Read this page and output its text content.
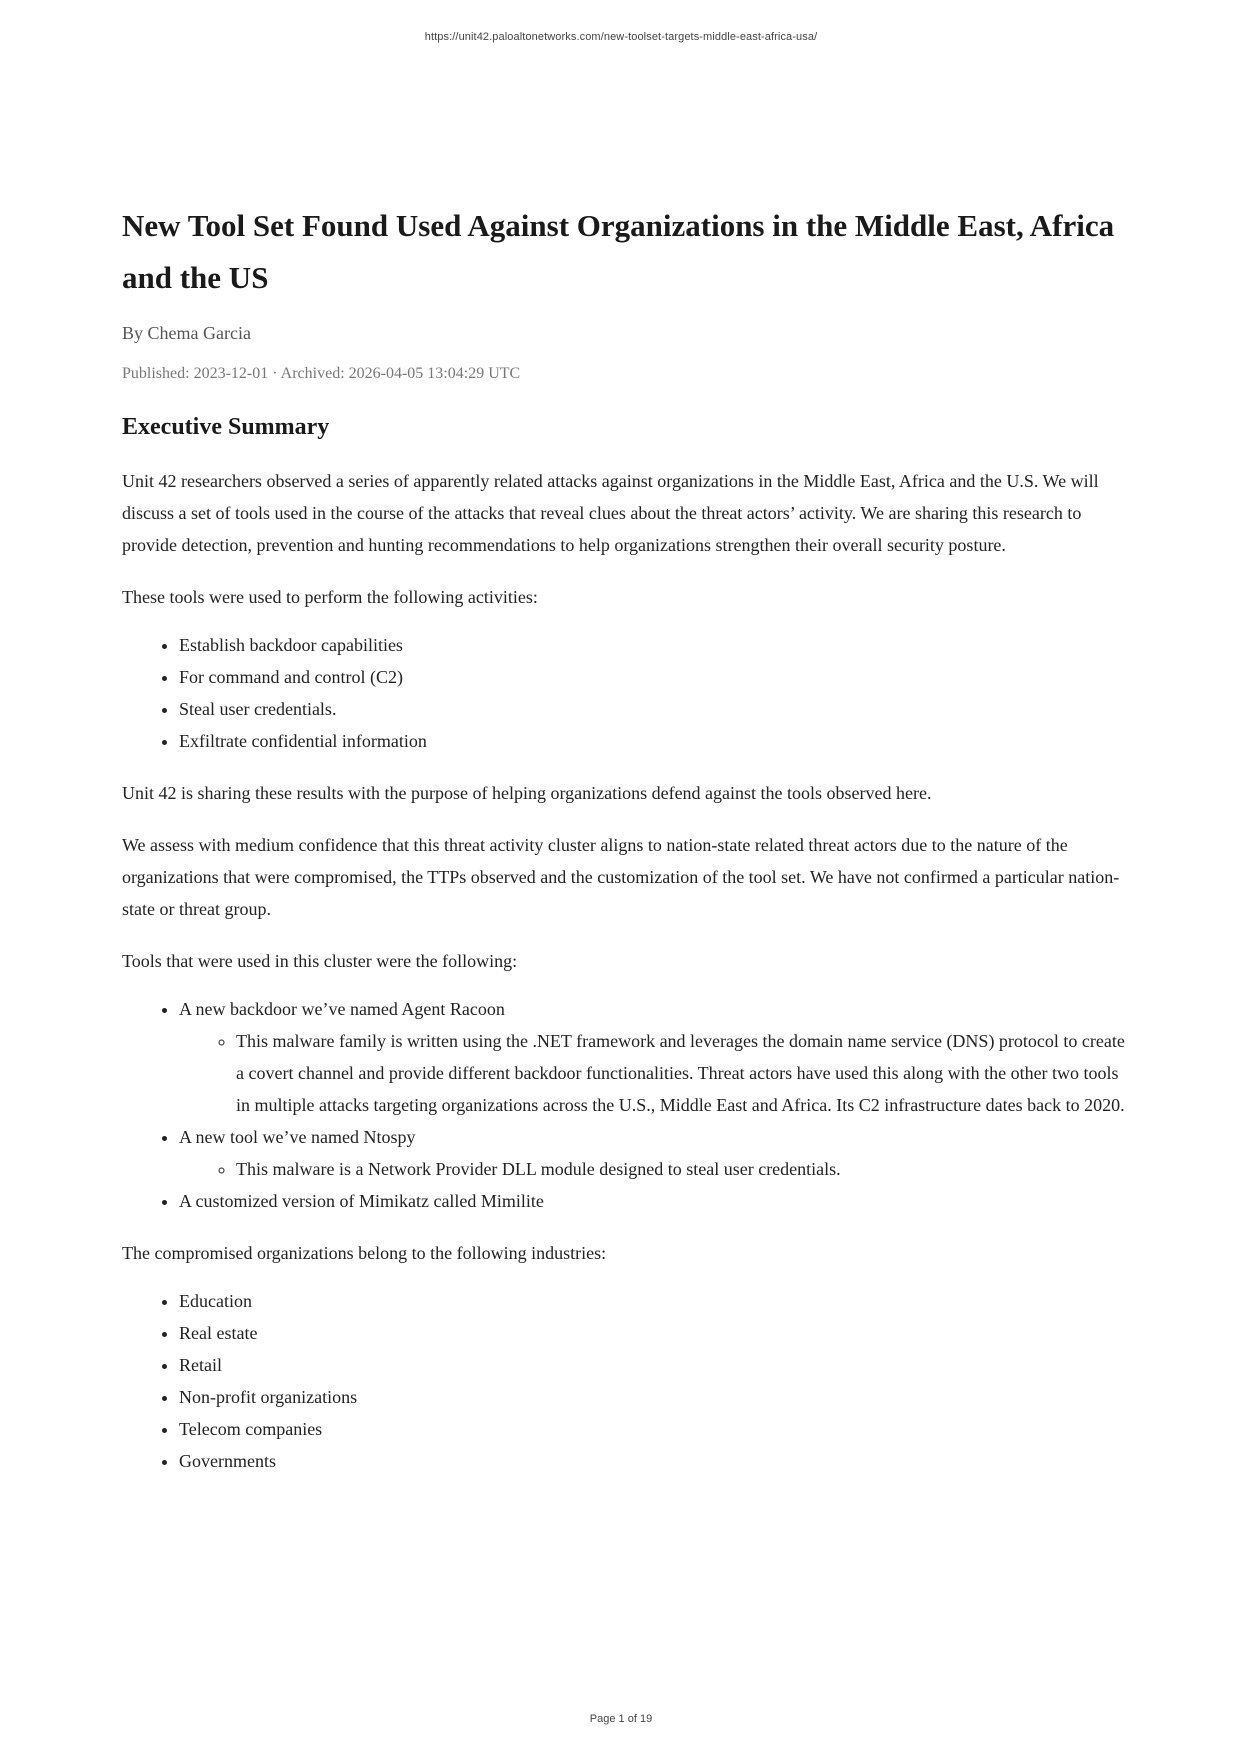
https://unit42.paloaltonetworks.com/new-toolset-targets-middle-east-africa-usa/
New Tool Set Found Used Against Organizations in the Middle East, Africa and the US
By Chema Garcia
Published: 2023-12-01 · Archived: 2026-04-05 13:04:29 UTC
Executive Summary

Unit 42 researchers observed a series of apparently related attacks against organizations in the Middle East, Africa and the U.S. We will discuss a set of tools used in the course of the attacks that reveal clues about the threat actors’ activity. We are sharing this research to provide detection, prevention and hunting recommendations to help organizations strengthen their overall security posture.

These tools were used to perform the following activities:

• Establish backdoor capabilities
• For command and control (C2)
• Steal user credentials.
• Exfiltrate confidential information

Unit 42 is sharing these results with the purpose of helping organizations defend against the tools observed here.

We assess with medium confidence that this threat activity cluster aligns to nation-state related threat actors due to the nature of the organizations that were compromised, the TTPs observed and the customization of the tool set. We have not confirmed a particular nation-state or threat group.

Tools that were used in this cluster were the following:

• A new backdoor we’ve named Agent Racoon
◦ This malware family is written using the .NET framework and leverages the domain name service (DNS) protocol to create a covert channel and provide different backdoor functionalities. Threat actors have used this along with the other two tools in multiple attacks targeting organizations across the U.S., Middle East and Africa. Its C2 infrastructure dates back to 2020.
• A new tool we’ve named Ntospy
◦ This malware is a Network Provider DLL module designed to steal user credentials.
• A customized version of Mimikatz called Mimilite

The compromised organizations belong to the following industries:

• Education
• Real estate
• Retail
• Non-profit organizations
• Telecom companies
• Governments
Page 1 of 19
